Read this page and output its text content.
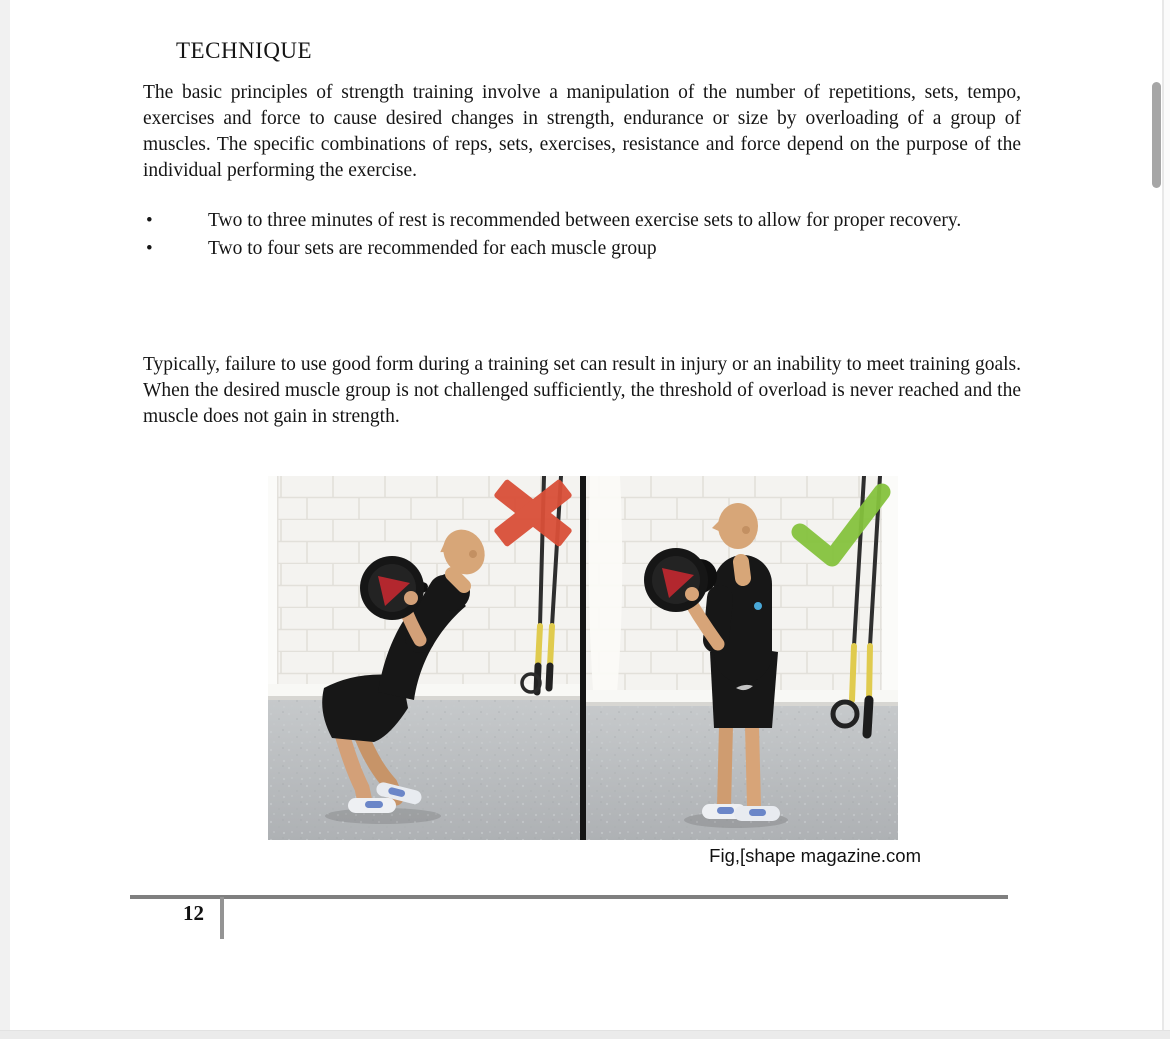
TECHNIQUE
The basic principles of strength training involve a manipulation of the number of repetitions, sets, tempo, exercises and force to cause desired changes in strength, endurance or size by overloading of a group of muscles. The specific combinations of reps, sets, exercises, resistance and force depend on the purpose of the individual performing the exercise.
•	Two to three minutes of rest is recommended between exercise sets to allow for proper recovery.
•	Two to four sets are recommended for each muscle group
Typically, failure to use good form during a training set can result in injury or an inability to meet training goals. When the desired muscle group is not challenged sufficiently, the threshold of overload is never reached and the muscle does not gain in strength.
Fig,[shape magazine.com
12
